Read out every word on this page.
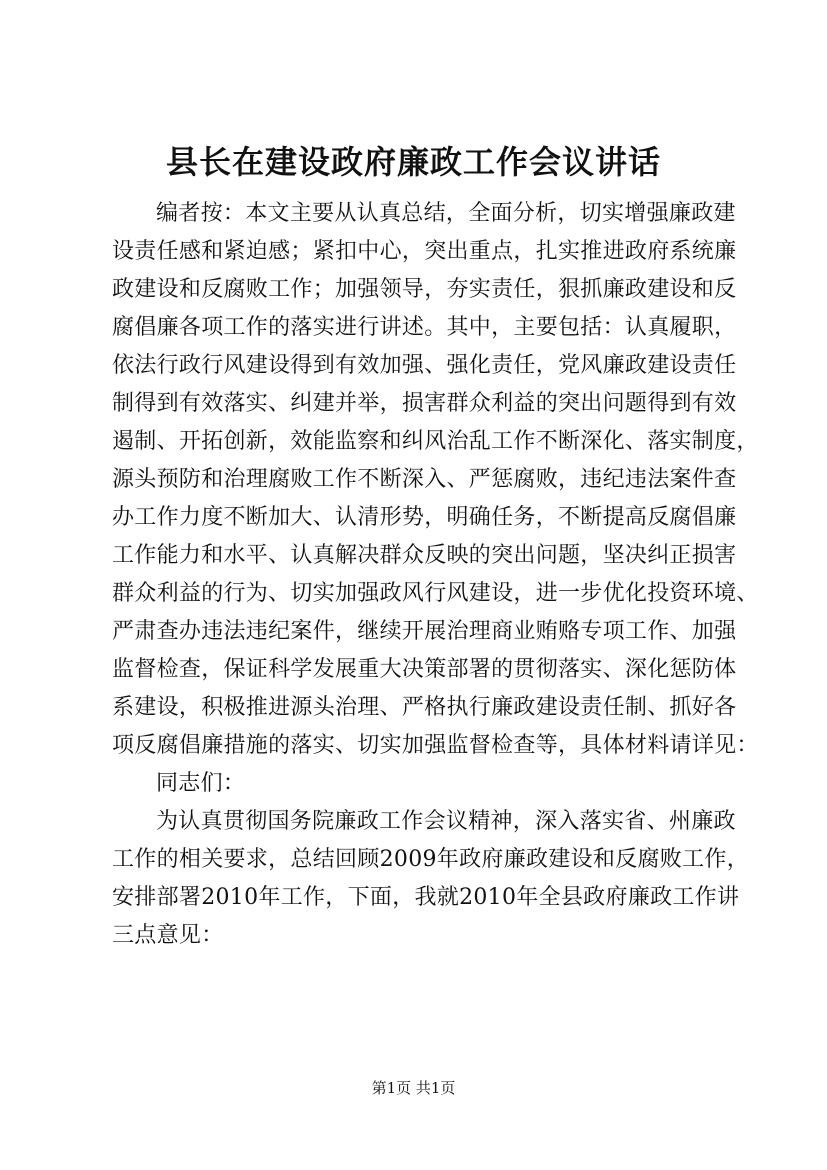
县长在建设政府廉政工作会议讲话
编者按：本文主要从认真总结，全面分析，切实增强廉政建
设责任感和紧迫感；紧扣中心，突出重点，扎实推进政府系统廉
政建设和反腐败工作；加强领导，夯实责任，狠抓廉政建设和反
腐倡廉各项工作的落实进行讲述。其中，主要包括：认真履职，
依法行政行风建设得到有效加强、强化责任，党风廉政建设责任
制得到有效落实、纠建并举，损害群众利益的突出问题得到有效
遏制、开拓创新，效能监察和纠风治乱工作不断深化、落实制度，
源头预防和治理腐败工作不断深入、严惩腐败，违纪违法案件查
办工作力度不断加大、认清形势，明确任务，不断提高反腐倡廉
工作能力和水平、认真解决群众反映的突出问题，坚决纠正损害
群众利益的行为、切实加强政风行风建设，进一步优化投资环境、
严肃查办违法违纪案件，继续开展治理商业贿赂专项工作、加强
监督检查，保证科学发展重大决策部署的贯彻落实、深化惩防体
系建设，积极推进源头治理、严格执行廉政建设责任制、抓好各
项反腐倡廉措施的落实、切实加强监督检查等，具体材料请详见：
同志们：
为认真贯彻国务院廉政工作会议精神，深入落实省、州廉政
工作的相关要求，总结回顾2009年政府廉政建设和反腐败工作，
安排部署2010年工作，下面，我就2010年全县政府廉政工作讲
三点意见：
第1页 共1页
